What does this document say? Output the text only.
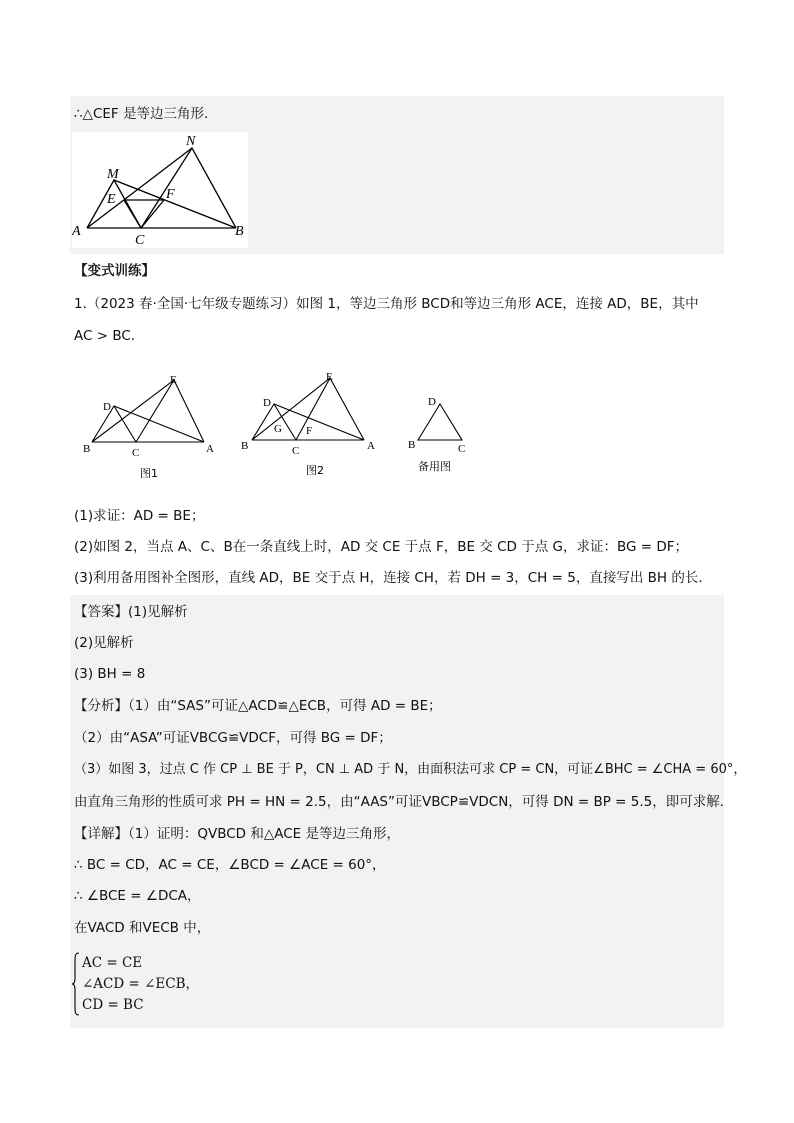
∴△CEF 是等边三角形.
N
M
E	F
A
C
B
【变式训练】
1.（2023 春·全国·七年级专题练习）如图 1，等边三角形 BCD和等边三角形 ACE，连接 AD，BE，其中
AC > BC．
E
D
B	C	A
图1
E
D
G F
B	C	A
图2
D
B	C
备用图
(1)求证：AD = BE；
(2)如图 2，当点 A、C、B在一条直线上时，AD 交 CE 于点 F，BE 交 CD 于点 G，求证：BG = DF；
(3)利用备用图补全图形，直线 AD，BE 交于点 H，连接 CH，若 DH = 3，CH = 5，直接写出 BH 的长．
【答案】(1)见解析
(2)见解析
(3) BH = 8
【分析】（1）由“SAS”可证△ACD≌△ECB，可得 AD = BE；
（2）由“ASA”可证VBCG≌VDCF，可得 BG = DF；
（3）如图 3，过点 C 作 CP ⊥ BE 于 P，CN ⊥ AD 于 N，由面积法可求 CP = CN，可证∠BHC = ∠CHA = 60°，
由直角三角形的性质可求 PH = HN = 2.5，由“AAS”可证VBCP≌VDCN，可得 DN = BP = 5.5，即可求解．
【详解】（1）证明：QVBCD 和△ACE 是等边三角形，
∴ BC = CD，AC = CE，∠BCD = ∠ACE = 60°，
∴ ∠BCE = ∠DCA，
在VACD 和VECB 中，
AC = CE
∠ACD = ∠ECB，
CD = BC
